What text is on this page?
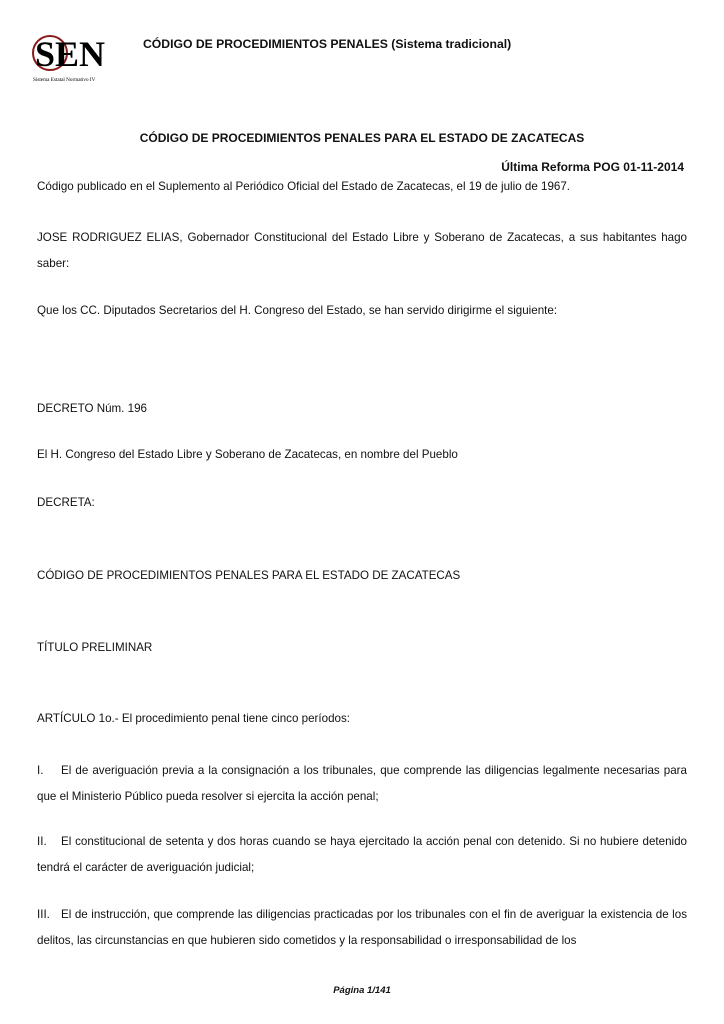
SEN
Sistema Estatal Normativo IV
CÓDIGO DE PROCEDIMIENTOS PENALES (Sistema tradicional)
CÓDIGO DE PROCEDIMIENTOS PENALES PARA EL ESTADO DE ZACATECAS
Última Reforma POG 01-11-2014

Código publicado en el Suplemento al Periódico Oficial del Estado de Zacatecas, el 19 de julio de 1967.

JOSE RODRIGUEZ ELIAS, Gobernador Constitucional del Estado Libre y Soberano de Zacatecas, a sus habitantes hago saber:

Que los CC. Diputados Secretarios del H. Congreso del Estado, se han servido dirigirme el siguiente:

DECRETO Núm. 196

El H. Congreso del Estado Libre y Soberano de Zacatecas, en nombre del Pueblo

DECRETA:

CÓDIGO DE PROCEDIMIENTOS PENALES PARA EL ESTADO DE ZACATECAS

TÍTULO PRELIMINAR

ARTÍCULO 1o.- El procedimiento penal tiene cinco períodos:

I. El de averiguación previa a la consignación a los tribunales, que comprende las diligencias legalmente necesarias para que el Ministerio Público pueda resolver si ejercita la acción penal;

II. El constitucional de setenta y dos horas cuando se haya ejercitado la acción penal con detenido. Si no hubiere detenido tendrá el carácter de averiguación judicial;

III. El de instrucción, que comprende las diligencias practicadas por los tribunales con el fin de averiguar la existencia de los delitos, las circunstancias en que hubieren sido cometidos y la responsabilidad o irresponsabilidad de los

Página 1/141
